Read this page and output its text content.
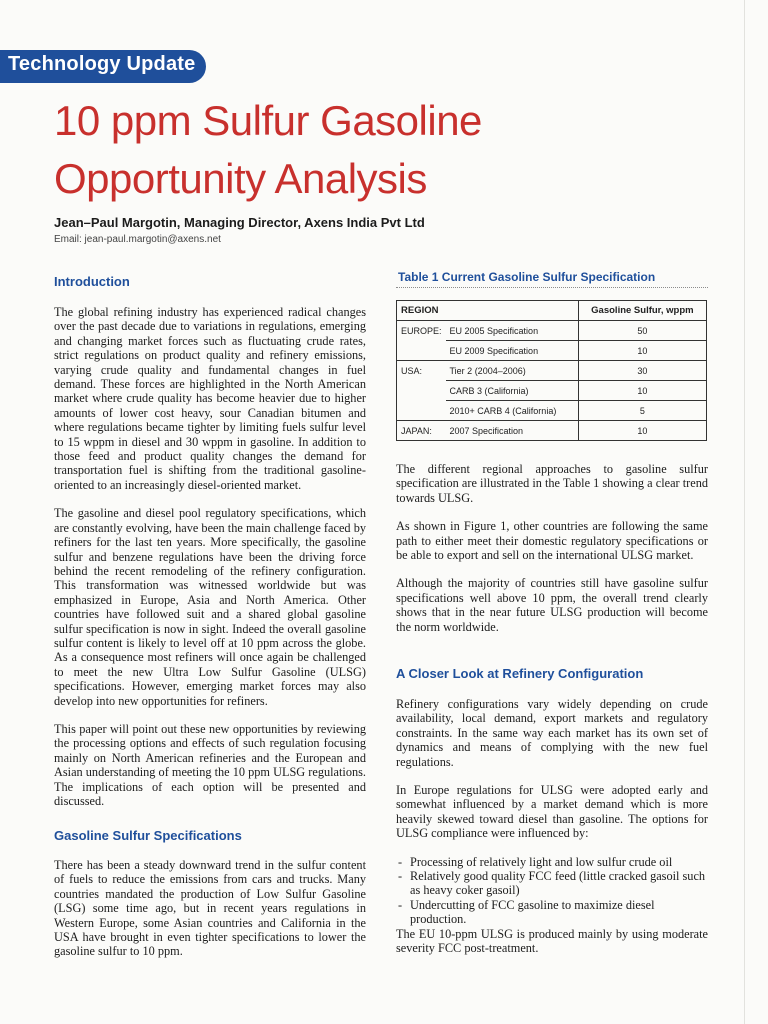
Technology Update
10 ppm Sulfur Gasoline
Opportunity Analysis
Jean–Paul Margotin, Managing Director, Axens India Pvt Ltd
Email: jean-paul.margotin@axens.net
Introduction

The global refining industry has experienced radical changes over the past decade due to variations in regulations, emerging and changing market forces such as fluctuating crude rates, strict regulations on product quality and refinery emissions, varying crude quality and fundamental changes in fuel demand. These forces are highlighted in the North American market where crude quality has become heavier due to higher amounts of lower cost heavy, sour Canadian bitumen and where regulations became tighter by limiting fuels sulfur level to 15 wppm in diesel and 30 wppm in gasoline. In addition to those feed and product quality changes the demand for transportation fuel is shifting from the traditional gasoline-oriented to an increasingly diesel-oriented market.

The gasoline and diesel pool regulatory specifications, which are constantly evolving, have been the main challenge faced by refiners for the last ten years. More specifically, the gasoline sulfur and benzene regulations have been the driving force behind the recent remodeling of the refinery configuration. This transformation was witnessed worldwide but was emphasized in Europe, Asia and North America. Other countries have followed suit and a shared global gasoline sulfur specification is now in sight. Indeed the overall gasoline sulfur content is likely to level off at 10 ppm across the globe. As a consequence most refiners will once again be challenged to meet the new Ultra Low Sulfur Gasoline (ULSG) specifications. However, emerging market forces may also develop into new opportunities for refiners.

This paper will point out these new opportunities by reviewing the processing options and effects of such regulation focusing mainly on North American refineries and the European and Asian understanding of meeting the 10 ppm ULSG regulations. The implications of each option will be presented and discussed.

Gasoline Sulfur Specifications

There has been a steady downward trend in the sulfur content of fuels to reduce the emissions from cars and trucks. Many countries mandated the production of Low Sulfur Gasoline (LSG) some time ago, but in recent years regulations in Western Europe, some Asian countries and California in the USA have brought in even tighter specifications to lower the gasoline sulfur to 10 ppm.

Table 1 Current Gasoline Sulfur Specification
REGION		Gasoline Sulfur, wppm
EUROPE:	EU 2005 Specification	50
	EU 2009 Specification	10
USA:	Tier 2 (2004–2006)	30
	CARB 3 (California)	10
	2010+ CARB 4 (California)	5
JAPAN:	2007 Specification	10

The different regional approaches to gasoline sulfur specification are illustrated in the Table 1 showing a clear trend towards ULSG.

As shown in Figure 1, other countries are following the same path to either meet their domestic regulatory specifications or be able to export and sell on the international ULSG market.

Although the majority of countries still have gasoline sulfur specifications well above 10 ppm, the overall trend clearly shows that in the near future ULSG production will become the norm worldwide.

A Closer Look at Refinery Configuration

Refinery configurations vary widely depending on crude availability, local demand, export markets and regulatory constraints. In the same way each market has its own set of dynamics and means of complying with the new fuel regulations.

In Europe regulations for ULSG were adopted early and somewhat influenced by a market demand which is more heavily skewed toward diesel than gasoline. The options for ULSG compliance were influenced by:

- Processing of relatively light and low sulfur crude oil
- Relatively good quality FCC feed (little cracked gasoil such as heavy coker gasoil)
- Undercutting of FCC gasoline to maximize diesel production.

The EU 10-ppm ULSG is produced mainly by using moderate severity FCC post-treatment.
